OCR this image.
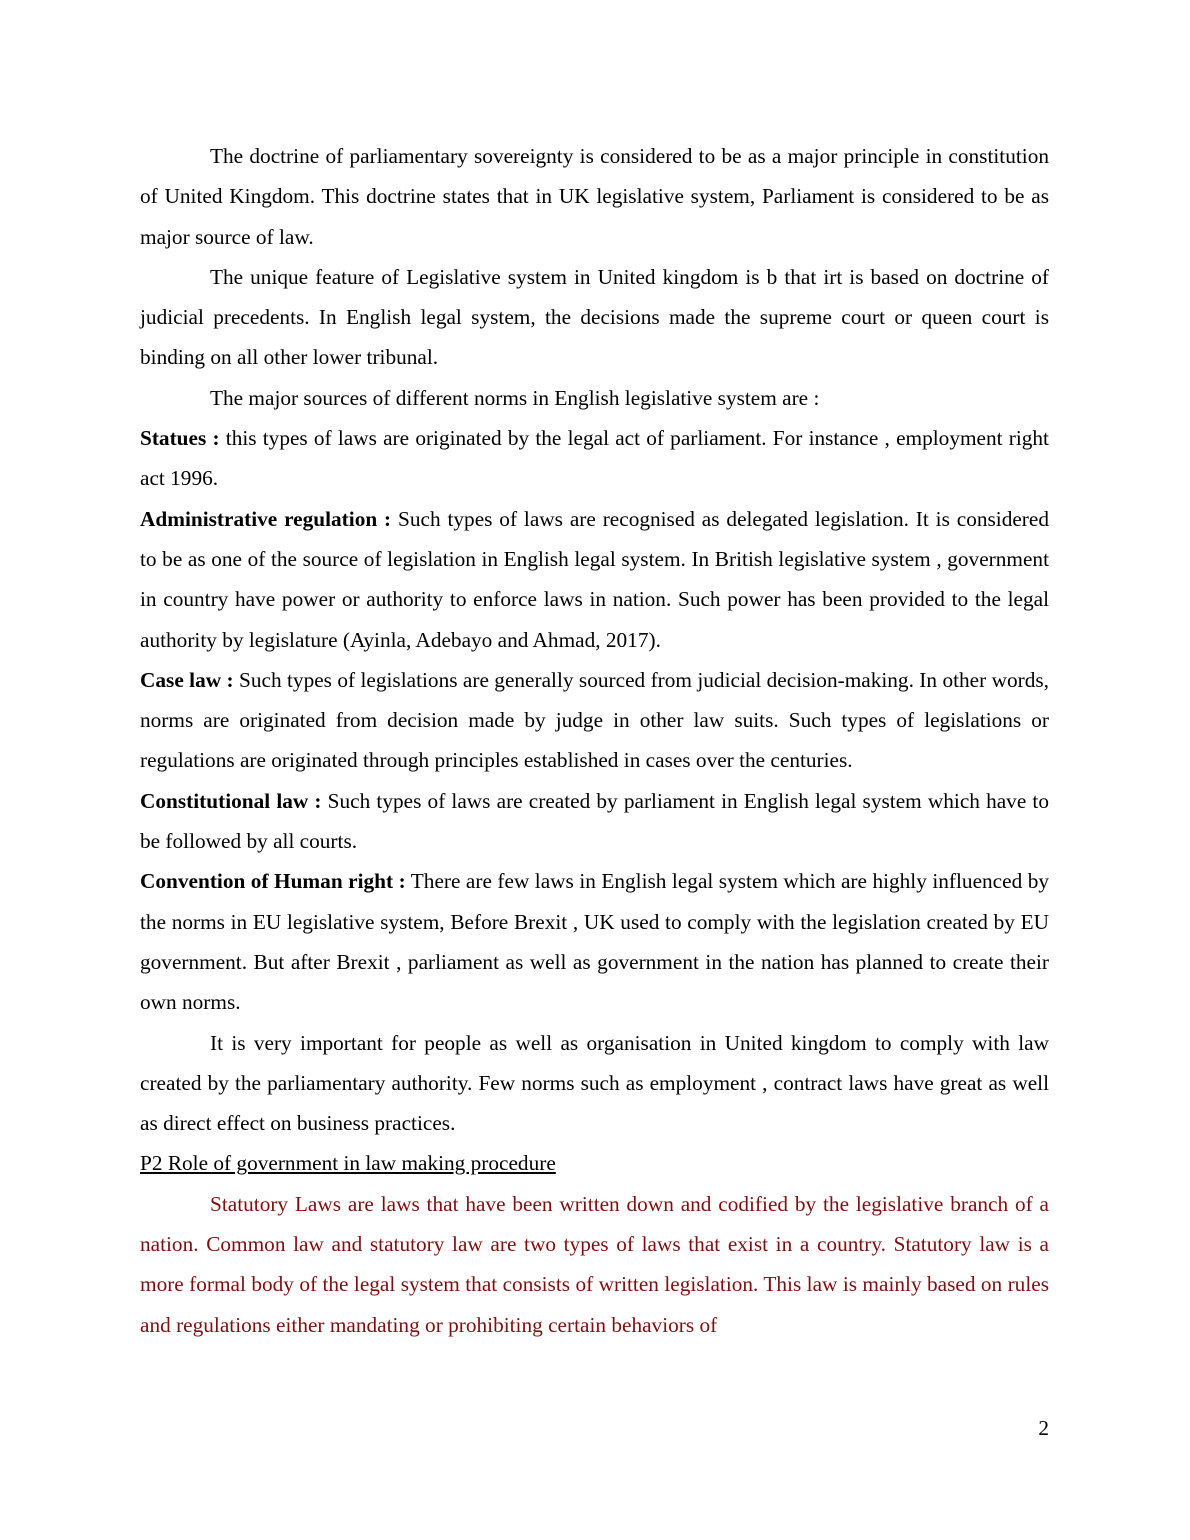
The doctrine of parliamentary sovereignty is considered to be as a major principle in constitution of United Kingdom. This doctrine states that in UK legislative system, Parliament is considered to be as major source of law.

The unique feature of Legislative system in United kingdom is b that irt is based on doctrine of judicial precedents. In English legal system, the decisions made the supreme court or queen court is binding on all other lower tribunal.

The major sources of different norms in English legislative system are :

Statues : this types of laws are originated by the legal act of parliament. For instance , employment right act 1996.

Administrative regulation : Such types of laws are recognised as delegated legislation. It is considered to be as one of the source of legislation in English legal system. In British legislative system , government in country have power or authority to enforce laws in nation. Such power has been provided to the legal authority by legislature (Ayinla, Adebayo and Ahmad, 2017).

Case law : Such types of legislations are generally sourced from judicial decision-making. In other words, norms are originated from decision made by judge in other law suits. Such types of legislations or regulations are originated through principles established in cases over the centuries.

Constitutional law : Such types of laws are created by parliament in English legal system which have to be followed by all courts.

Convention of Human right : There are few laws in English legal system which are highly influenced by the norms in EU legislative system, Before Brexit , UK used to comply with the legislation created by EU government. But after Brexit , parliament as well as government in the nation has planned to create their own norms.

It is very important for people as well as organisation in United kingdom to comply with law created by the parliamentary authority. Few norms such as employment , contract laws have great as well as direct effect on business practices.

P2 Role of government in law making procedure

Statutory Laws are laws that have been written down and codified by the legislative branch of a nation. Common law and statutory law are two types of laws that exist in a country. Statutory law is a more formal body of the legal system that consists of written legislation. This law is mainly based on rules and regulations either mandating or prohibiting certain behaviors of

2
